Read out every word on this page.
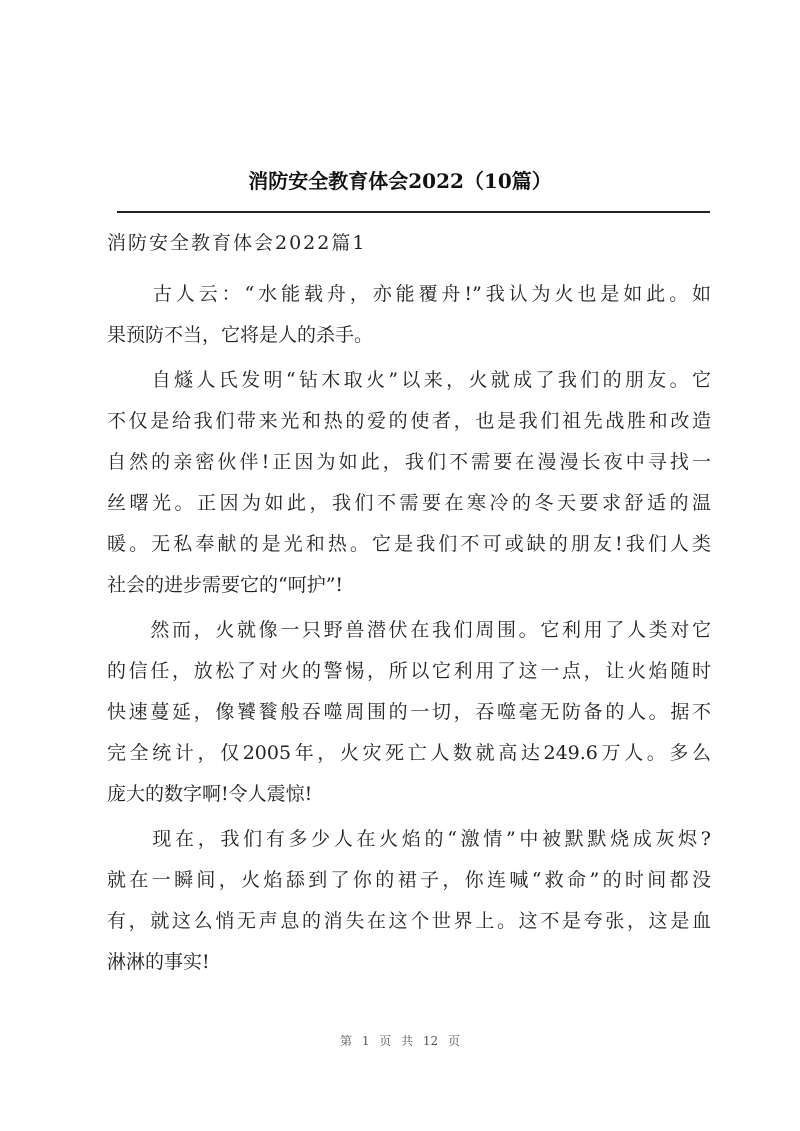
消防安全教育体会2022（10篇）
消防安全教育体会2022篇1
　　古人云：“水能载舟，亦能覆舟!”我认为火也是如此。如
果预防不当，它将是人的杀手。
　　自燧人氏发明“钻木取火”以来，火就成了我们的朋友。它
不仅是给我们带来光和热的爱的使者，也是我们祖先战胜和改造
自然的亲密伙伴!正因为如此，我们不需要在漫漫长夜中寻找一
丝曙光。正因为如此，我们不需要在寒冷的冬天要求舒适的温
暖。无私奉献的是光和热。它是我们不可或缺的朋友!我们人类
社会的进步需要它的“呵护”!
　　然而，火就像一只野兽潜伏在我们周围。它利用了人类对它
的信任，放松了对火的警惕，所以它利用了这一点，让火焰随时
快速蔓延，像饕餮般吞噬周围的一切，吞噬毫无防备的人。据不
完全统计，仅2005年，火灾死亡人数就高达249.6万人。多么
庞大的数字啊!令人震惊!
　　现在，我们有多少人在火焰的“激情”中被默默烧成灰烬?
就在一瞬间，火焰舔到了你的裙子，你连喊“救命”的时间都没
有，就这么悄无声息的消失在这个世界上。这不是夸张，这是血
淋淋的事实!
第 1 页 共 12 页
